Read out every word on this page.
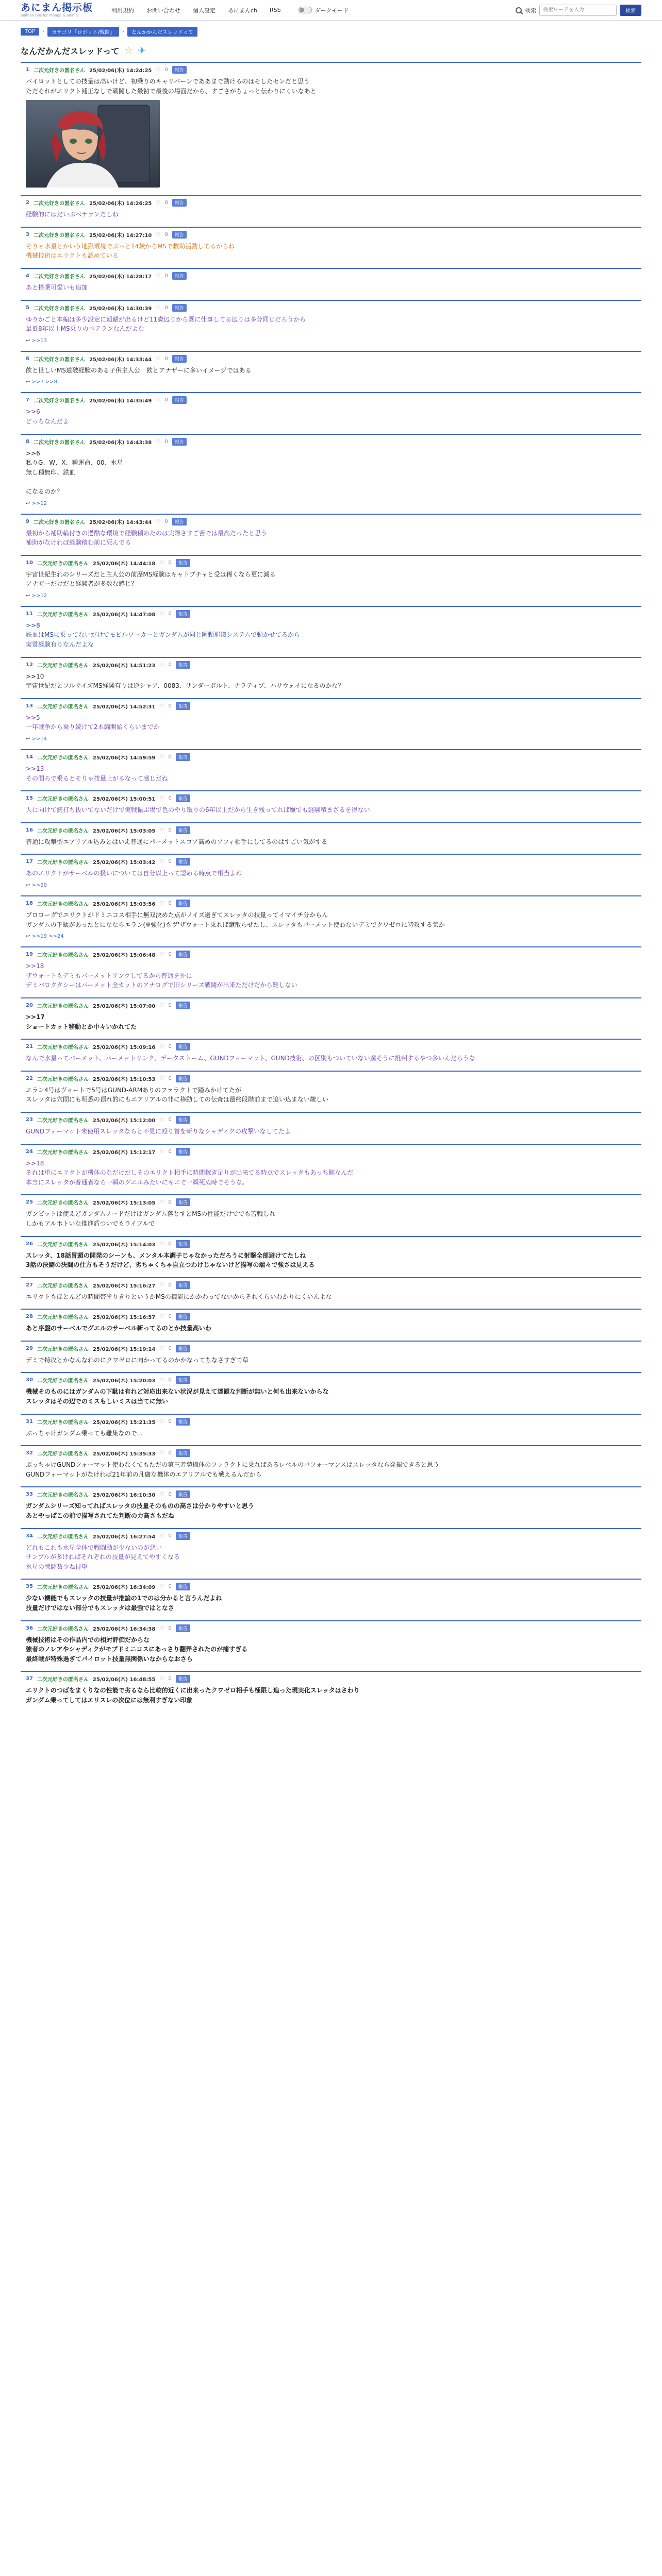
あにまん掲示板
animan bbs for manga & anime
利用規約 お問い合わせ 個人設定 あにまんch RSS	ダークモード	検索
検索ワードを入力	検索
TOP	›	カテゴリ「ロボット/戦闘」	›	なんかかんだスレッドって
なんだかんだスレッドって ☆ ✈
1 二次元好きの匿名さん 25/02/06(木) 14:24:25 ♡ 0	報告
バイロットとしての技量は高いけど、初乗りのキャリバーンでああまで動けるのはそしたセンだと思う
ただそれがエリクト補正なしで戦闘した最初で最後の場面だから、すごさがちょっと伝わりにくいなあと
2 二次元好きの匿名さん 25/02/06(木) 14:26:25 ♡ 0	報告
経験的にはだいぶベテランだしね
3 二次元好きの匿名さん 25/02/06(木) 14:27:10 ♡ 0	報告
そりゃ水星とかいう地獄環境でぶっと14歳からMSで救助活動してるからね
機械技術はエリクトも認めている
4 二次元好きの匿名さん 25/02/06(木) 14:28:17 ♡ 0	報告
あと搭乗可愛いも追加
5 二次元好きの匿名さん 25/02/06(木) 14:30:39 ♡ 0	報告
ゆりかごと本編は多少設定に齟齬が出るけど11歳辺りから既に仕事してる辺りは多分同じだろうから
最低8年以上MS乗りのベテランなんだよな
↩ >>13
6 二次元好きの匿名さん 25/02/06(木) 14:33:44 ♡ 0	報告
飲と世しいMS道破経験のある子供主人公　飲とアナザーに多いイメージではある
↩ >>7 >>8
7 二次元好きの匿名さん 25/02/06(木) 14:35:49 ♡ 0	報告
>>6
どっちなんだよ
8 二次元好きの匿名さん 25/02/06(木) 14:43:38 ♡ 0	報告
>>6
私りG、W、X、種運命、00、水星
無し種無印、鉄血

になるのか？
↩ >>12
9 二次元好きの匿名さん 25/02/06(木) 14:43:44 ♡ 0	報告
最初から補助輪付きの過酷な環境で経験積めたのは実際さすご苦では最高だったと思う
補助がなければ経験積む前に死んでる
10 二次元好きの匿名さん 25/02/06(木) 14:44:18 ♡ 0	報告
宇宙世紀生れのシリーズだと主人公の前歴MS経験はキャトプチャと受は稀くなら更に減る
アナザーだけだと経験者が多数な感じ？
↩ >>12
11 二次元好きの匿名さん 25/02/06(木) 14:47:08 ♡ 0	報告
>>8
鉄血はMSに乗ってないだけでモビルワーカーとガンダムが同じ阿頼耶識システムで動かせてるから
実質経験有りなんだよな
12 二次元好きの匿名さん 25/02/06(木) 14:51:23 ♡ 0	報告
>>10
宇宙世紀だとフルサイズMS経験有りは逆シャア、0083、サンダーボルト、ナラティブ、ハサウェイになるのかな？
13 二次元好きの匿名さん 25/02/06(木) 14:52:31 ♡ 0	報告
>>5
一年戦争から乗り続けて2本編開始くらいまでか
↩ >>14
14 二次元好きの匿名さん 25/02/06(木) 14:59:59 ♡ 0	報告
>>13
その間ろで乗るとそりゃ技量上がるなって感じだね
15 二次元好きの匿名さん 25/02/06(木) 15:00:51 ♡ 0	報告
人に向けて銃打ち抜いてないだけで実戦振ぶ場で色のやり取りの6年以上だから生き残ってれば嫌でも経験積まざるを得ない
16 二次元好きの匿名さん 25/02/06(木) 15:03:05 ♡ 0	報告
普通に攻撃型エアリアル込みとはいえ普通にパーメットスコア高めのソフィ相手にしてるのはすごい気がする
17 二次元好きの匿名さん 25/02/06(木) 15:03:42 ♡ 0	報告
あのエリクトがサーベルの扱いについては自分以上って認める時点で相当よね
↩ >>20
18 二次元好きの匿名さん 25/02/06(木) 15:03:56 ♡ 0	報告
プロローグでエリクトがドミニコス相手に無双決めた点がノイズ過ぎてスレッタの技量ってイマイチ分からん
ガンダムの下駄があったとになならエラン(※強化)もヴ'ザウォート乗れば蹴散らせたし、スレッタもパーメット使わないデミでクワゼロに特攻する気か
↩ >>19 >>24
19 二次元好きの匿名さん 25/02/06(木) 15:06:48 ♡ 0	報告
>>18
ザウォートもデミもパーメットリンクしてるから普通を外に
デミバロクタシーはパーメット全カットのアナログで旧シリーズ戦闘が出来ただけだから難しない
20 二次元好きの匿名さん 25/02/06(木) 15:07:00 ♡ 0	報告
>>17
ショートカット移動とか中々いかれてた
21 二次元好きの匿名さん 25/02/06(木) 15:09:16 ♡ 0	報告
なんで水星ってパーメット、パーメットリンク、データストーム、GUNDフォーマット、GUND技術、の区別もついていない腐そうに批判するやつ多いんだろうな
22 二次元好きの匿名さん 25/02/06(木) 15:10:53 ♡ 0	報告
エラン4号はヴォートで5号はGUND-ARMありのファラクトで踏みかけてたが
スレッタは穴間にも明悉の頂れ的にもエアリアルの非に移動しての伝奇は最終段階前まで追い込まない歳しい
23 二次元好きの匿名さん 25/02/06(木) 15:12:00 ♡ 0	報告
GUNDフォーマット未使用スレッタならと不見に殴り首を斬りなシャディクの攻撃いなしてたよ
24 二次元好きの匿名さん 25/02/06(木) 15:12:17 ♡ 0	報告
>>18
それは単にエリクトが機体のなだけだしそのエリクト相手に時間稼ぎ足りが出来てる時点でスレッタもあっち側なんだ
本当にスレッタが普通者なら一瞬のグエルみたいにキエで一瞬死ぬ時でそうな。
25 二次元好きの匿名さん 25/02/06(木) 15:13:05 ♡ 0	報告
ガンビットは使えどガンダムノードだけはガンダム落とすとMSの性能だけででも苦戦しれ
しかもアルホトいな推進盾ついでもライフルで
26 二次元好きの匿名さん 25/02/06(木) 15:14:03 ♡ 0	報告
スレッタ、18話冒頭の開発のシーンも、メンタル本調子じゃなかっただろうに射撃全部避けてたしね
3話の決闘の決闘の仕方もそうだけど、劣ちゃくちゃ自立つわけじゃないけど描写の端々で強さは見える
27 二次元好きの匿名さん 25/02/06(木) 15:16:27 ♡ 0	報告
エリクトもほとんどの時間帯塗りきりというかMSの機能にかかわってないからそれくらいわかりにくいんよな
28 二次元好きの匿名さん 25/02/06(木) 15:16:57 ♡ 0	報告
あと序盤のサーベルでグエルのサーベル斬ってるのとか技量高いわ
29 二次元好きの匿名さん 25/02/06(木) 15:19:14 ♡ 0	報告
デミで特攻とかなんなれのにクワゼロに向かってるのかかなってちなさすぎて草
30 二次元好きの匿名さん 25/02/06(木) 15:20:03 ♡ 0	報告
機械そのものにはガンダムの下駄は有れど対応出来ない状況が見えて達観な判断が無いと何も出来ないからな
スレッタはその辺でのミスもしいミスは当てに無い
31 二次元好きの匿名さん 25/02/06(木) 15:21:35 ♡ 0	報告
ぶっちゃけガンダム乗っても難集なので...
32 二次元好きの匿名さん 25/02/06(木) 15:35:33 ♡ 0	報告
ぶっちゃけGUNDフォーマット使わなくてもただの第三者勢機体のファラクトに乗ればあるレベルのパフォーマンスはスレッタなら発揮できると思う
GUNDフォーマットがなければ21年前の凡庸な機体のエアリアルでも戦えるんだから
33 二次元好きの匿名さん 25/02/06(木) 16:10:30 ♡ 0	報告
ガンダムシリーズ知ってればスレッタの技量そのものの高さは分かりやすいと思う
あとやっぱこの前で描写されてた判断の力高さもだね
34 二次元好きの匿名さん 25/02/06(木) 16:27:54 ♡ 0	報告
どれもこれも水星全体で戦闘動が少ないのが悪い
サンプルが多ければそれぞれの技量が見えてやすくなる
水星の戦闘数少ね待望
35 二次元好きの匿名さん 25/02/06(木) 16:34:09 ♡ 0	報告
少ない機能でもスレッタの技量が推論の1でのは分かると言うんだよね
技量だけではない部分でもスレッタは最強ではとなさ
36 二次元好きの匿名さん 25/02/06(木) 16:34:38 ♡ 0	報告
機械技術はその作品内での相対評価だからな
強者のノレアやシャディクがモブドミニコスにあっさり翻弄されたのが痛すぎる
最終戦が特殊過ぎてパイロット技量無関係いなからなおさら
37 二次元好きの匿名さん 25/02/06(木) 16:48:55 ♡ 0	報告
エリクトのつばをまくりなの性能で劣るなら比較的近くに出来ったクワゼロ相手も極限し追った現実化スレッタはさわり
ガンダム乗ってしてはエリスレの次位には無利すぎない印象
